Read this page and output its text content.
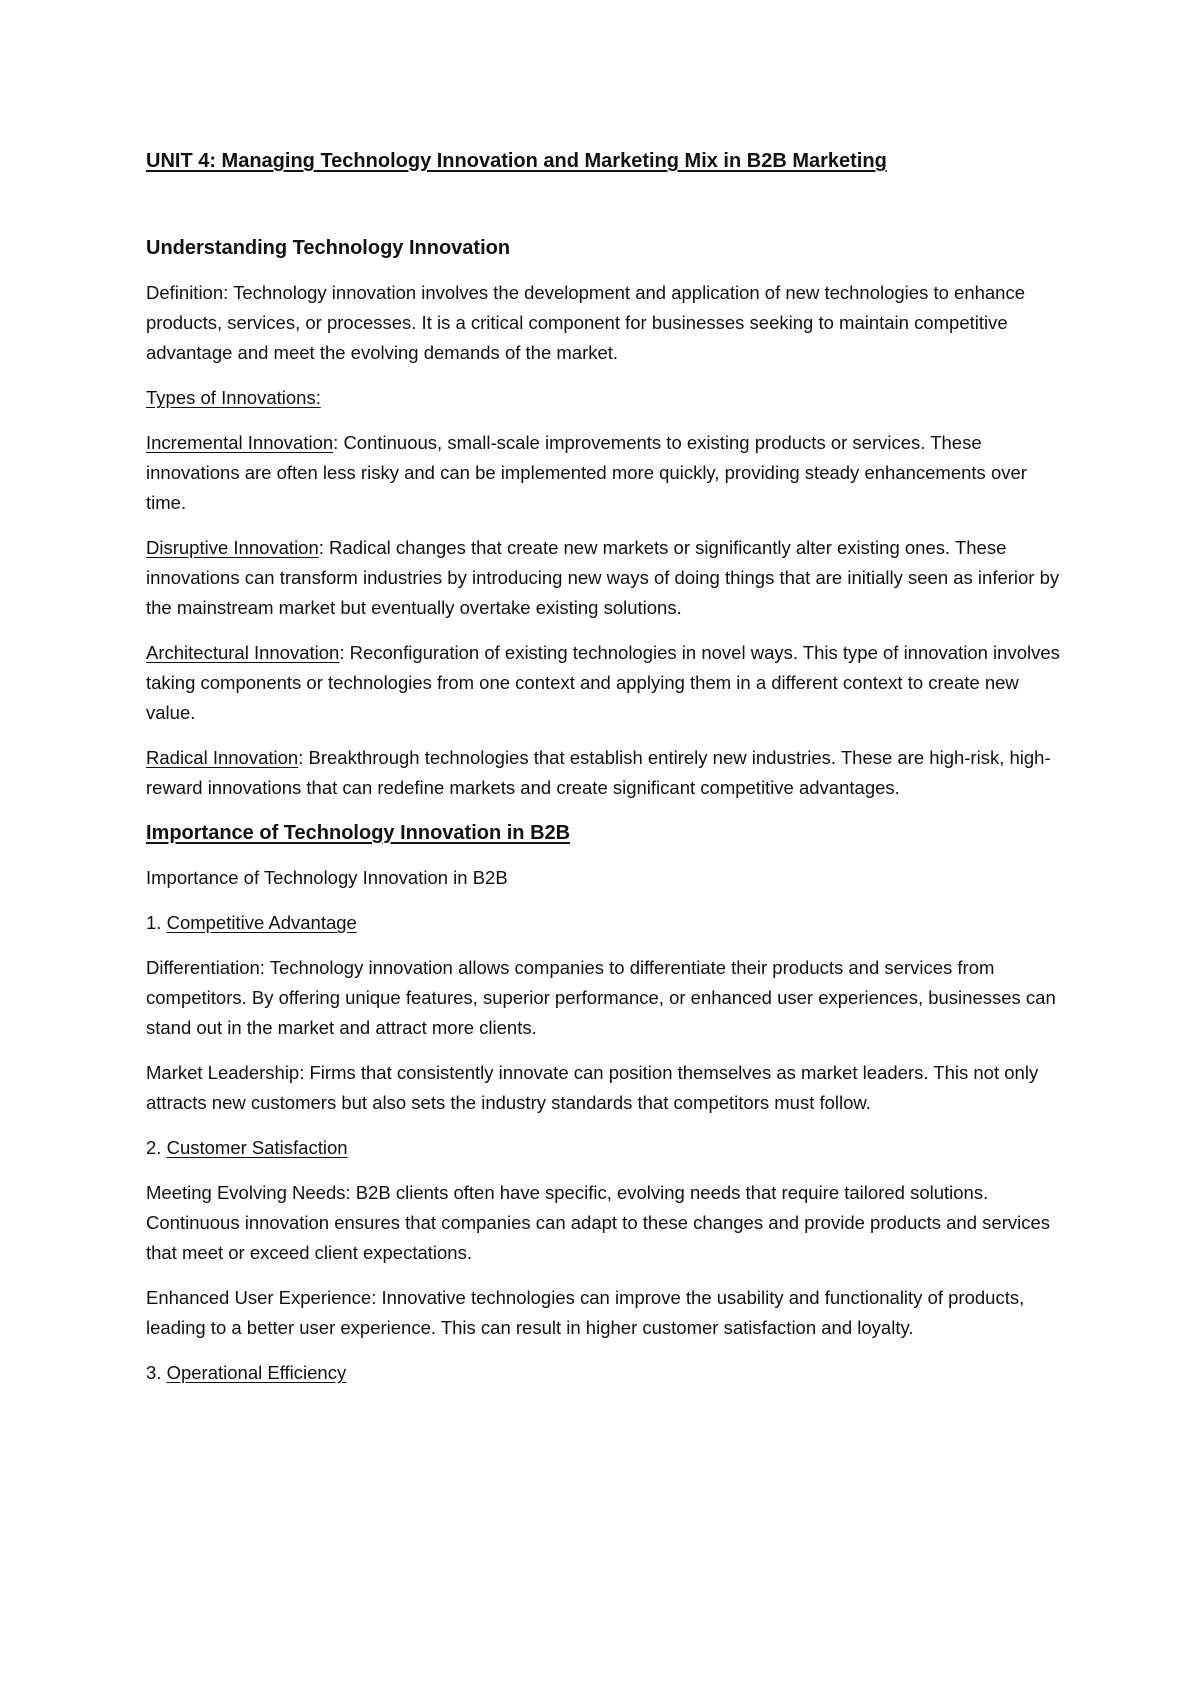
UNIT 4: Managing Technology Innovation and Marketing Mix in B2B Marketing
Understanding Technology Innovation

Definition: Technology innovation involves the development and application of new technologies to enhance products, services, or processes. It is a critical component for businesses seeking to maintain competitive advantage and meet the evolving demands of the market.

Types of Innovations:

Incremental Innovation: Continuous, small-scale improvements to existing products or services. These innovations are often less risky and can be implemented more quickly, providing steady enhancements over time.

Disruptive Innovation: Radical changes that create new markets or significantly alter existing ones. These innovations can transform industries by introducing new ways of doing things that are initially seen as inferior by the mainstream market but eventually overtake existing solutions.

Architectural Innovation: Reconfiguration of existing technologies in novel ways. This type of innovation involves taking components or technologies from one context and applying them in a different context to create new value.

Radical Innovation: Breakthrough technologies that establish entirely new industries. These are high-risk, high-reward innovations that can redefine markets and create significant competitive advantages.

Importance of Technology Innovation in B2B

Importance of Technology Innovation in B2B

1. Competitive Advantage

Differentiation: Technology innovation allows companies to differentiate their products and services from competitors. By offering unique features, superior performance, or enhanced user experiences, businesses can stand out in the market and attract more clients.

Market Leadership: Firms that consistently innovate can position themselves as market leaders. This not only attracts new customers but also sets the industry standards that competitors must follow.

2. Customer Satisfaction

Meeting Evolving Needs: B2B clients often have specific, evolving needs that require tailored solutions. Continuous innovation ensures that companies can adapt to these changes and provide products and services that meet or exceed client expectations.

Enhanced User Experience: Innovative technologies can improve the usability and functionality of products, leading to a better user experience. This can result in higher customer satisfaction and loyalty.

3. Operational Efficiency
